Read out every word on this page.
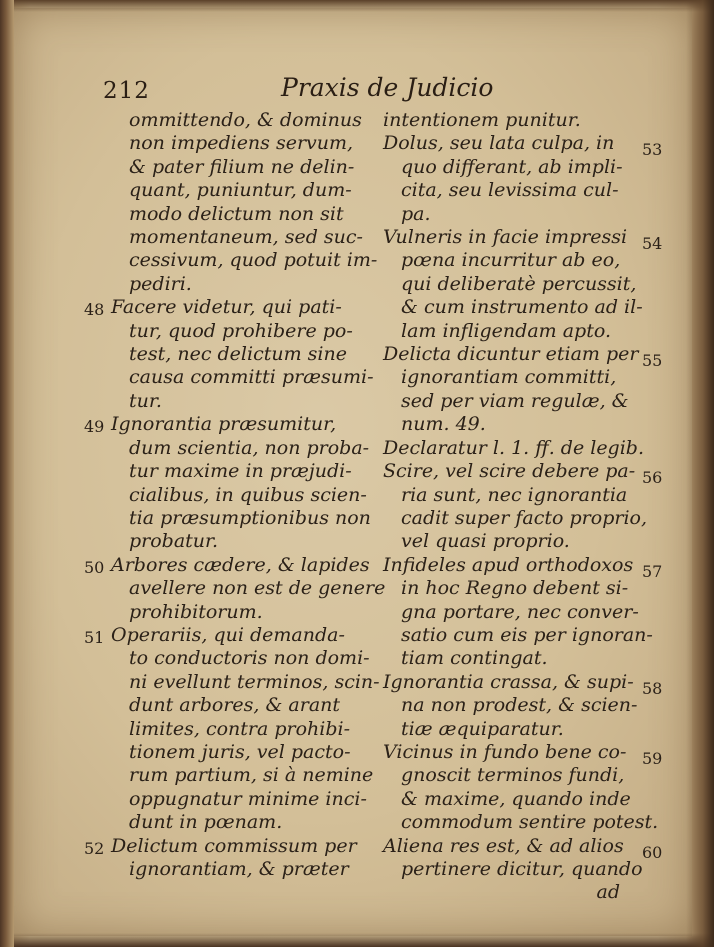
212	Praxis de Judicio
ommittendo, & dominus
non impediens servum,
& pater filium ne delin-
quant, puniuntur, dum-
modo delictum non sit
momentaneum, sed suc-
cessivum, quod potuit im-
pediri.
48 Facere videtur, qui pati-
tur, quod prohibere po-
test, nec delictum sine
causa committi præsumi-
tur.
49 Ignorantia præsumitur,
dum scientia, non proba-
tur maxime in præjudi-
cialibus, in quibus scien-
tia præsumptionibus non
probatur.
50 Arbores cædere, & lapides
avellere non est de genere
prohibitorum.
51 Operariis, qui demanda-
to conductoris non domi-
ni evellunt terminos, scin-
dunt arbores, & arant
limites, contra prohibi-
tionem juris, vel pacto-
rum partium, si à nemine
oppugnatur minime inci-
dunt in pœnam.
52 Delictum commissum per
ignorantiam, & præter
intentionem punitur.
53
Dolus, seu lata culpa, in
quo differant, ab impli-
cita, seu levissima cul-
pa.
54
Vulneris in facie impressi
pœna incurritur ab eo,
qui deliberatè percussit,
& cum instrumento ad il-
lam infligendam apto.
55
Delicta dicuntur etiam per
ignorantiam committi,
sed per viam regulæ, &
num. 49.
Declaratur l. 1. ff. de legib.
56
Scire, vel scire debere pa-
ria sunt, nec ignorantia
cadit super facto proprio,
vel quasi proprio.
57
Infideles apud orthodoxos
in hoc Regno debent si-
gna portare, nec conver-
satio cum eis per ignoran-
tiam contingat.
58
Ignorantia crassa, & supi-
na non prodest, & scien-
tiæ æquiparatur.
59
Vicinus in fundo bene co-
gnoscit terminos fundi,
& maxime, quando inde
commodum sentire potest.
60
Aliena res est, & ad alios
pertinere dicitur, quando
ad
